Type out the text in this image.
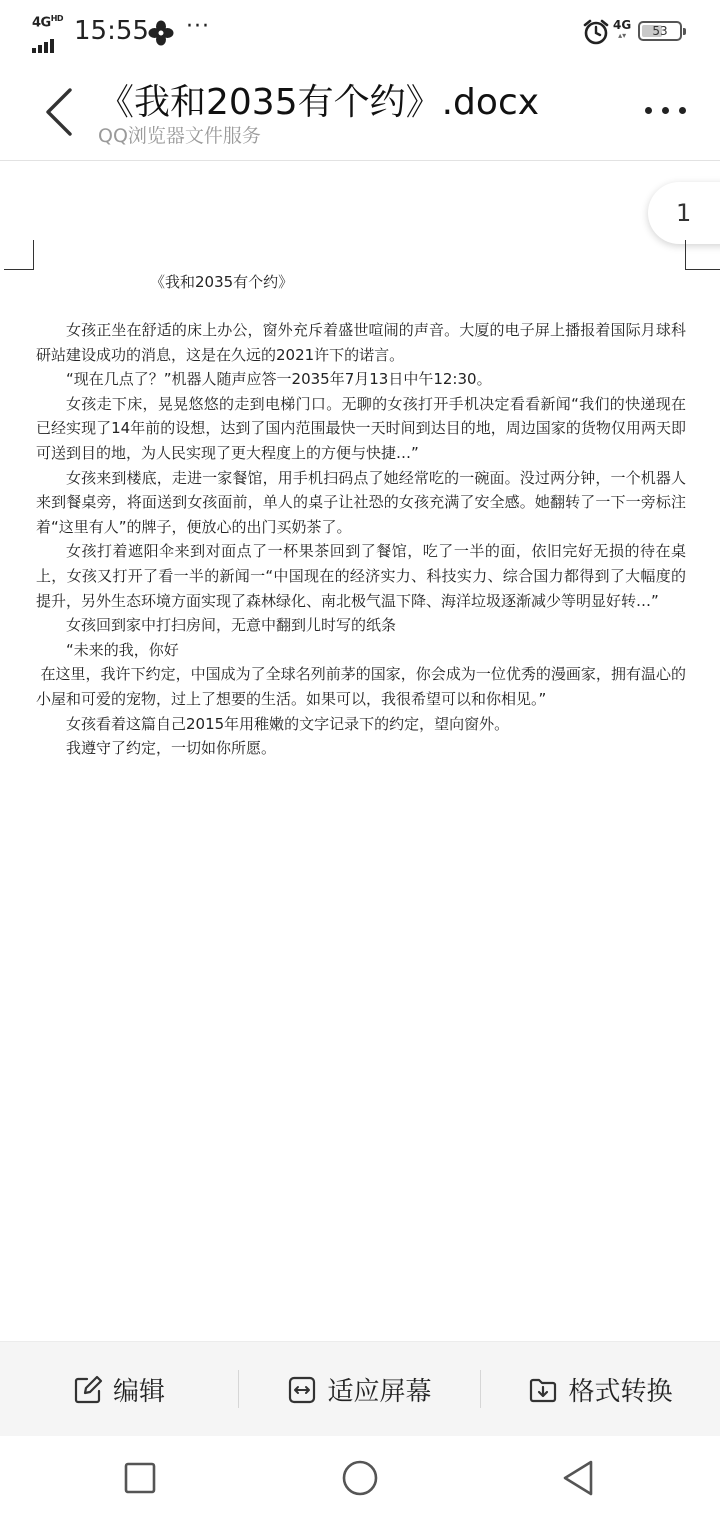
$4G^{HD}$ 15:55 ···	4G
▴▾	53
《我和2035有个约》.docx
QQ浏览器文件服务
1
《我和2035有个约》

女孩正坐在舒适的床上办公，窗外充斥着盛世喧闹的声音。大厦的电子屏上播报着国际月球科研站建设成功的消息，这是在久远的2021许下的诺言。

“现在几点了？”机器人随声应答一2035年7月13日中午12:30。

女孩走下床，晃晃悠悠的走到电梯门口。无聊的女孩打开手机决定看看新闻“我们的快递现在已经实现了14年前的设想，达到了国内范围最快一天时间到达目的地，周边国家的货物仅用两天即可送到目的地，为人民实现了更大程度上的方便与快捷…”

女孩来到楼底，走进一家餐馆，用手机扫码点了她经常吃的一碗面。没过两分钟，一个机器人来到餐桌旁，将面送到女孩面前，单人的桌子让社恐的女孩充满了安全感。她翻转了一下一旁标注着“这里有人”的牌子，便放心的出门买奶茶了。

女孩打着遮阳伞来到对面点了一杯果茶回到了餐馆，吃了一半的面，依旧完好无损的待在桌上，女孩又打开了看一半的新闻一“中国现在的经济实力、科技实力、综合国力都得到了大幅度的提升，另外生态环境方面实现了森林绿化、南北极气温下降、海洋垃圾逐渐减少等明显好转…”

女孩回到家中打扫房间，无意中翻到儿时写的纸条

“未来的我，你好

在这里，我许下约定，中国成为了全球名列前茅的国家，你会成为一位优秀的漫画家，拥有温心的小屋和可爱的宠物，过上了想要的生活。如果可以，我很希望可以和你相见。”

女孩看着这篇自己2015年用稚嫩的文字记录下的约定，望向窗外。

我遵守了约定，一切如你所愿。

编辑	适应屏幕	格式转换
